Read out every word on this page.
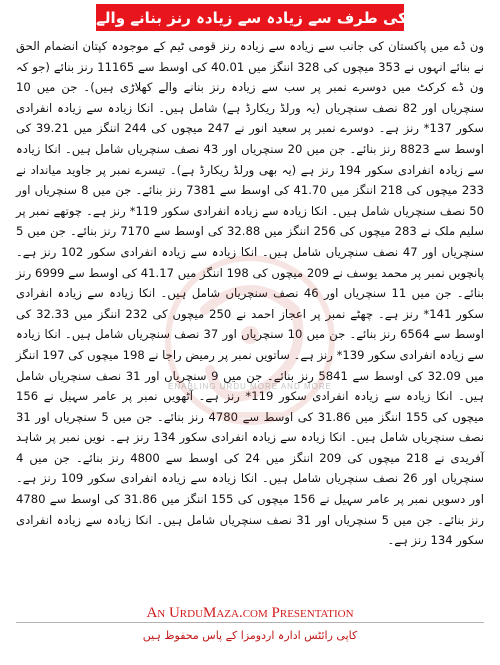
پاکستان کی طرف سے زیادہ سے زیادہ رنز بنانے والے بیٹسمین

ون ڈے میں پاکستان کی جانب سے زیادہ سے زیادہ رنز قومی ٹیم کے موجودہ کپتان انضمام الحق نے بنائے انہوں نے 353 میچوں کی 328 اننگز میں 40.01 کی اوسط سے 11165 رنز بنائے (جو کہ ون ڈے کرکٹ میں دوسرے نمبر پر سب سے زیادہ رنز بنانے والے کھلاڑی ہیں)۔ جن میں 10 سنچریاں اور 82 نصف سنچریاں (یہ ورلڈ ریکارڈ ہے) شامل ہیں۔ انکا زیادہ سے زیادہ انفرادی سکور 137* رنز ہے۔ دوسرے نمبر پر سعید انور نے 247 میچوں کی 244 اننگز میں 39.21 کی اوسط سے 8823 رنز بنائے۔ جن میں 20 سنچریاں اور 43 نصف سنچریاں شامل ہیں۔ انکا زیادہ سے زیادہ انفرادی سکور 194 رنز ہے (یہ بھی ورلڈ ریکارڈ ہے)۔ تیسرے نمبر پر جاوید میانداد نے 233 میچوں کی 218 اننگز میں 41.70 کی اوسط سے 7381 رنز بنائے۔ جن میں 8 سنچریاں اور 50 نصف سنچریاں شامل ہیں۔ انکا زیادہ سے زیادہ انفرادی سکور 119* رنز ہے۔ چوتھے نمبر پر سلیم ملک نے 283 میچوں کی 256 اننگز میں 32.88 کی اوسط سے 7170 رنز بنائے۔ جن میں 5 سنچریاں اور 47 نصف سنچریاں شامل ہیں۔ انکا زیادہ سے زیادہ انفرادی سکور 102 رنز ہے۔ پانچویں نمبر پر محمد یوسف نے 209 میچوں کی 198 اننگز میں 41.17 کی اوسط سے 6999 رنز بنائے۔ جن میں 11 سنچریاں اور 46 نصف سنچریاں شامل ہیں۔ انکا زیادہ سے زیادہ انفرادی سکور 141* رنز ہے۔ چھٹے نمبر پر اعجاز احمد نے 250 میچوں کی 232 اننگز میں 32.33 کی اوسط سے 6564 رنز بنائے۔ جن میں 10 سنچریاں اور 37 نصف سنچریاں شامل ہیں۔ انکا زیادہ سے زیادہ انفرادی سکور 139* رنز ہے۔ ساتویں نمبر پر رمیض راجا نے 198 میچوں کی 197 اننگز میں 32.09 کی اوسط سے 5841 رنز بنائے۔ جن میں 9 سنچریاں اور 31 نصف سنچریاں شامل ہیں۔ انکا زیادہ سے زیادہ انفرادی سکور 119* رنز ہے۔ آٹھویں نمبر پر عامر سہیل نے 156 میچوں کی 155 اننگز میں 31.86 کی اوسط سے 4780 رنز بنائے۔ جن میں 5 سنچریاں اور 31 نصف سنچریاں شامل ہیں۔ انکا زیادہ سے زیادہ انفرادی سکور 134 رنز ہے۔ نویں نمبر پر شاہد آفریدی نے 218 میچوں کی 209 اننگز میں 24 کی اوسط سے 4800 رنز بنائے۔ جن میں 4 سنچریاں اور 26 نصف سنچریاں شامل ہیں۔ انکا زیادہ سے زیادہ انفرادی سکور 109 رنز ہے۔ اور دسویں نمبر پر عامر سہیل نے 156 میچوں کی 155 اننگز میں 31.86 کی اوسط سے 4780 رنز بنائے۔ جن میں 5 سنچریاں اور 31 نصف سنچریاں شامل ہیں۔ انکا زیادہ سے زیادہ انفرادی سکور 134 رنز ہے۔

ENABLING URDU MORE AND MORE
An UrduMaza.com Presentation
کاپی رائٹس ادارہ اردومزا کے پاس محفوظ ہیں
